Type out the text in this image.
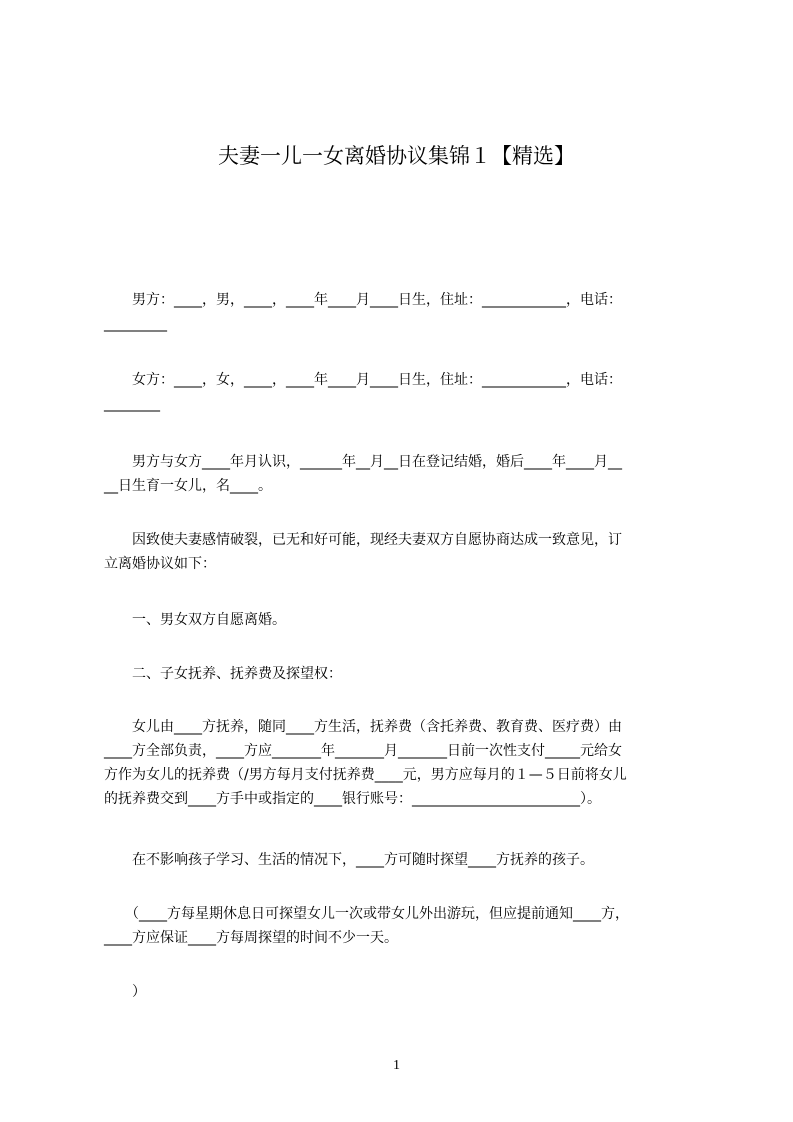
夫妻一儿一女离婚协议集锦１【精选】
　　男方：____，男，____，____年____月____日生，住址：____________，电话：
_________
　　女方：____，女，____，____年____月____日生，住址：____________，电话：
________
　　男方与女方____年月认识，______年__月__日在登记结婚，婚后____年____月__
__日生育一女儿，名____。
　　因致使夫妻感情破裂，已无和好可能，现经夫妻双方自愿协商达成一致意见，订
立离婚协议如下：
　　一、男女双方自愿离婚。
　　二、子女抚养、抚养费及探望权：
　　女儿由____方抚养，随同____方生活，抚养费（含托养费、教育费、医疗费）由
____方全部负责，____方应_______年_______月_______日前一次性支付_____元给女
方作为女儿的抚养费（/男方每月支付抚养费____元，男方应每月的１—５日前将女儿
的抚养费交到____方手中或指定的____银行账号：________________________）。
　　在不影响孩子学习、生活的情况下，____方可随时探望____方抚养的孩子。
　　（____方每星期休息日可探望女儿一次或带女儿外出游玩，但应提前通知____方，
____方应保证____方每周探望的时间不少一天。
　　）
1
